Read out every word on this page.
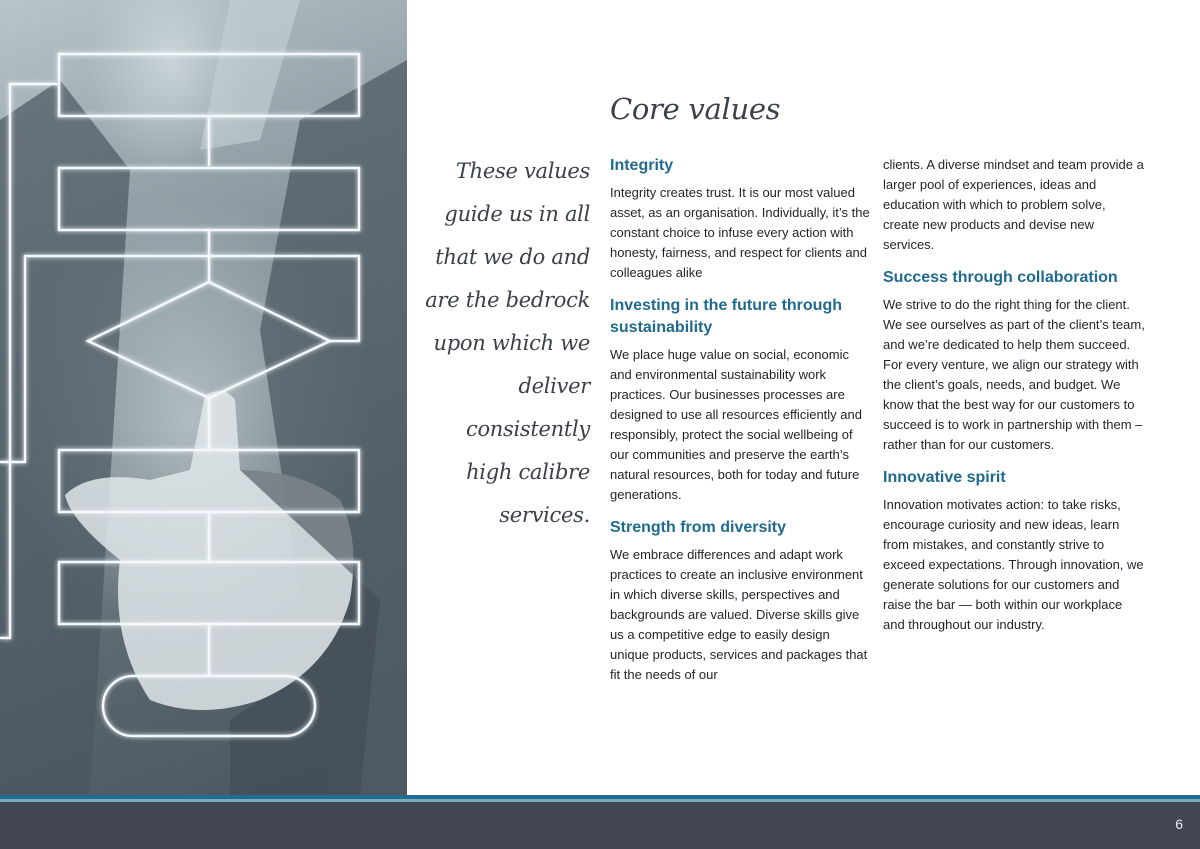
These values guide us in all that we do and are the bedrock upon which we deliver consistently high calibre services.

Core values
Integrity

Integrity creates trust. It is our most valued asset, as an organisation. Individually, it’s the constant choice to infuse every action with honesty, fairness, and respect for clients and colleagues alike

Investing in the future through sustainability

We place huge value on social, economic and environmental sustainability work practices. Our businesses processes are designed to use all resources efficiently and responsibly, protect the social wellbeing of our communities and preserve the earth’s natural resources, both for today and future generations.

Strength from diversity

We embrace differences and adapt work practices to create an inclusive environment in which diverse skills, perspectives and backgrounds are valued. Diverse skills give us a competitive edge to easily design unique products, services and packages that fit the needs of our

clients. A diverse mindset and team provide a larger pool of experiences, ideas and education with which to problem solve, create new products and devise new services.

Success through collaboration

We strive to do the right thing for the client. We see ourselves as part of the client’s team, and we’re dedicated to help them succeed. For every venture, we align our strategy with the client’s goals, needs, and budget. We know that the best way for our customers to succeed is to work in partnership with them – rather than for our customers.

Innovative spirit

Innovation motivates action: to take risks, encourage curiosity and new ideas, learn from mistakes, and constantly strive to exceed expectations. Through innovation, we generate solutions for our customers and raise the bar — both within our workplace and throughout our industry.

6
